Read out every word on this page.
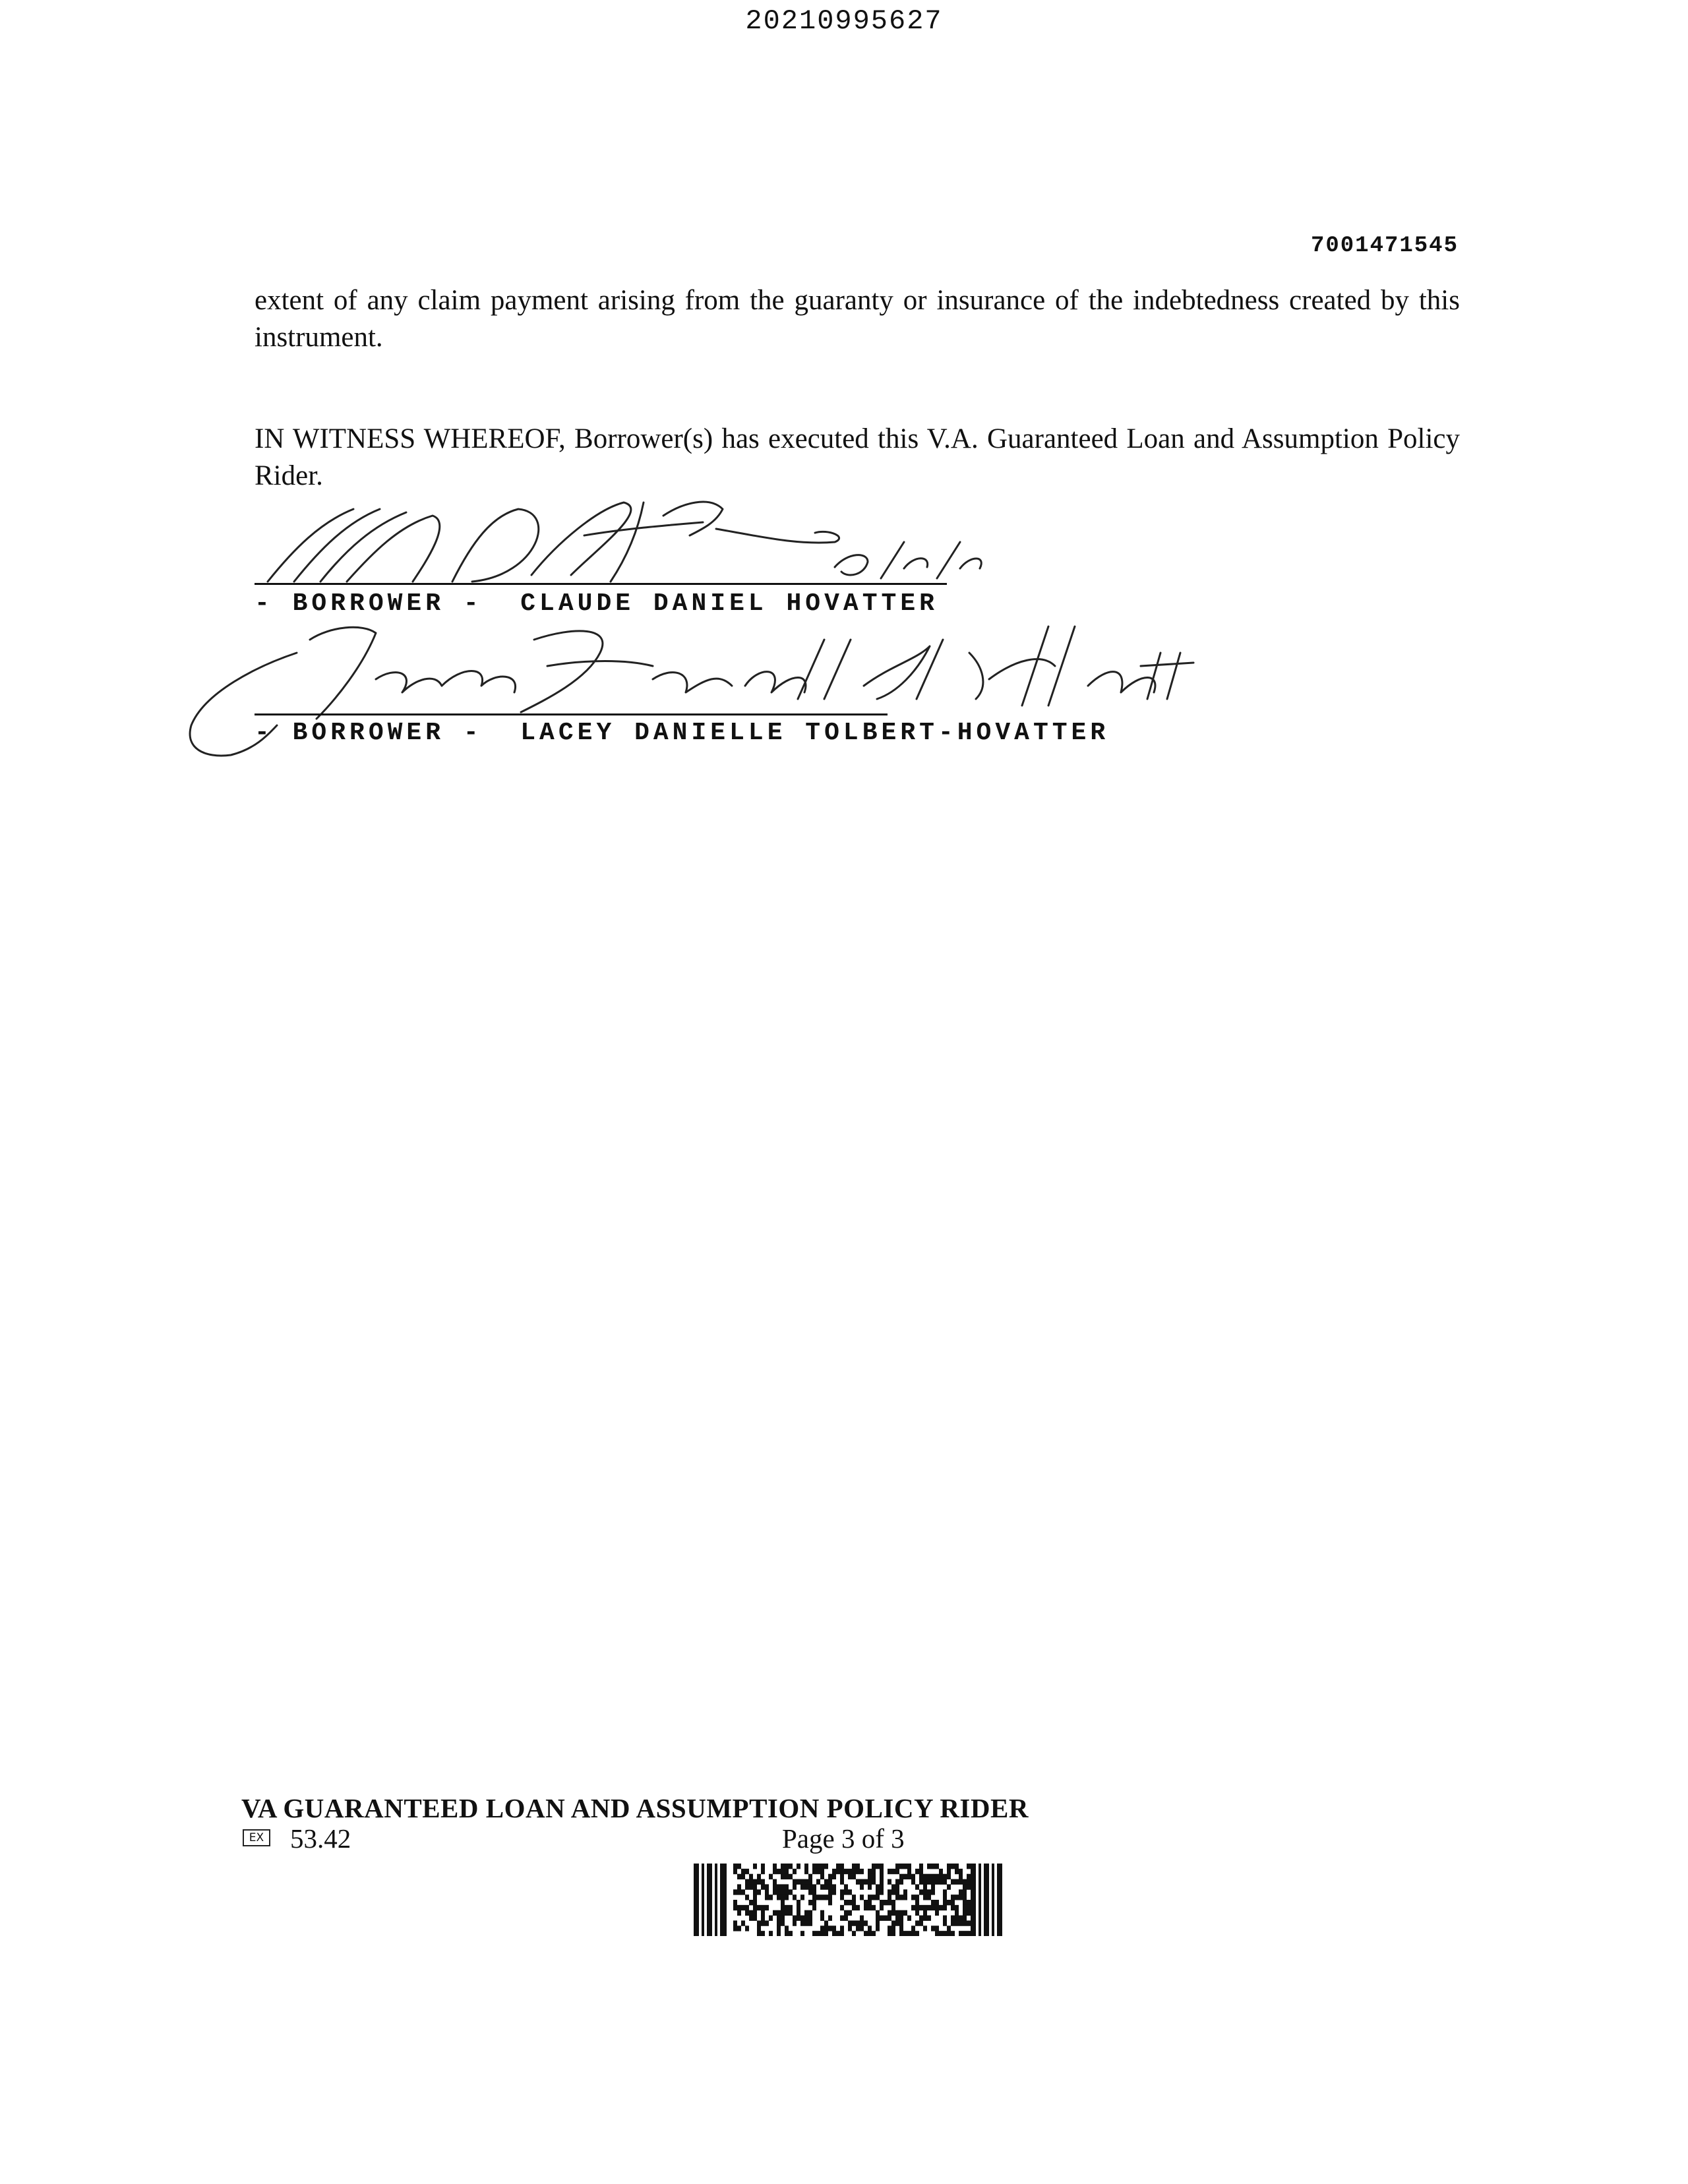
20210995627
7001471545
extent of any claim payment arising from the guaranty or insurance of the indebtedness created by this instrument.
IN WITNESS WHEREOF, Borrower(s) has executed this V.A. Guaranteed Loan and Assumption Policy Rider.
- BORROWER -  CLAUDE DANIEL HOVATTER
- BORROWER -  LACEY DANIELLE TOLBERT-HOVATTER
VA GUARANTEED LOAN AND ASSUMPTION POLICY RIDER
EX 53.42	Page 3 of 3
